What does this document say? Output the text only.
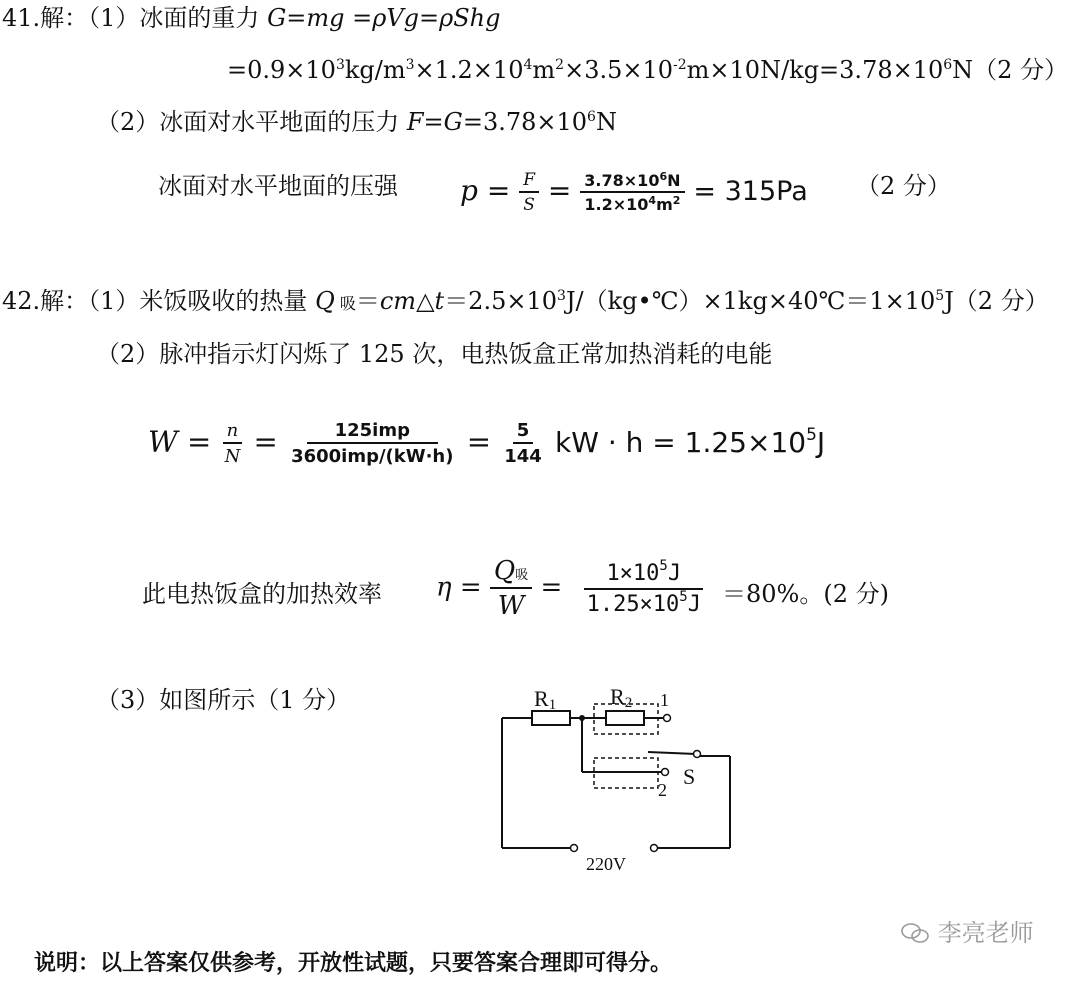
41.解：（1）冰面的重力 G=mg =ρVg=ρShg
$=0.9\times 10^3kg/m^3\times 1.2\times 10^4m^2\times 3.5\times 10^{-2}m\times 10N/kg=3.78\times 10^6N(2$ 分）
（2）冰面对水平地面的压力 $F=G=3.78\times 10^6N$
冰面对水平地面的压强 $p = \frac{F}{S} = \frac{3.78\times 10^6N}{1.2\times 10^4m^2} = 315Pa$ （2 分）
42.解：（1）米饭吸收的热量 Q 吸$=cm\triangle t=2.5\times 10^3J/(kg•℃)\times 1kg\times 40℃=1\times 10^5J(2$ 分）
（2）脉冲指示灯闪烁了 125 次，电热饭盒正常加热消耗的电能
$W = \frac{n}{N} = \frac{\text{125imp}}{\text{3600imp/(kW·h)}} = \frac{5}{144}$ kW · $h = 1.25\times 10^5J$
此电热饭盒的加热效率 $\eta = \frac{\text{Q吸}}{W} = \frac{1\times 10^5J}{1.25\times 10^5J} =80\%$。(2 分)
（3）如图所示（1 分）	R1 R2 1
2
S
220V
说明：以上答案仅供参考，开放性试题，只要答案合理即可得分。
李亮老师
